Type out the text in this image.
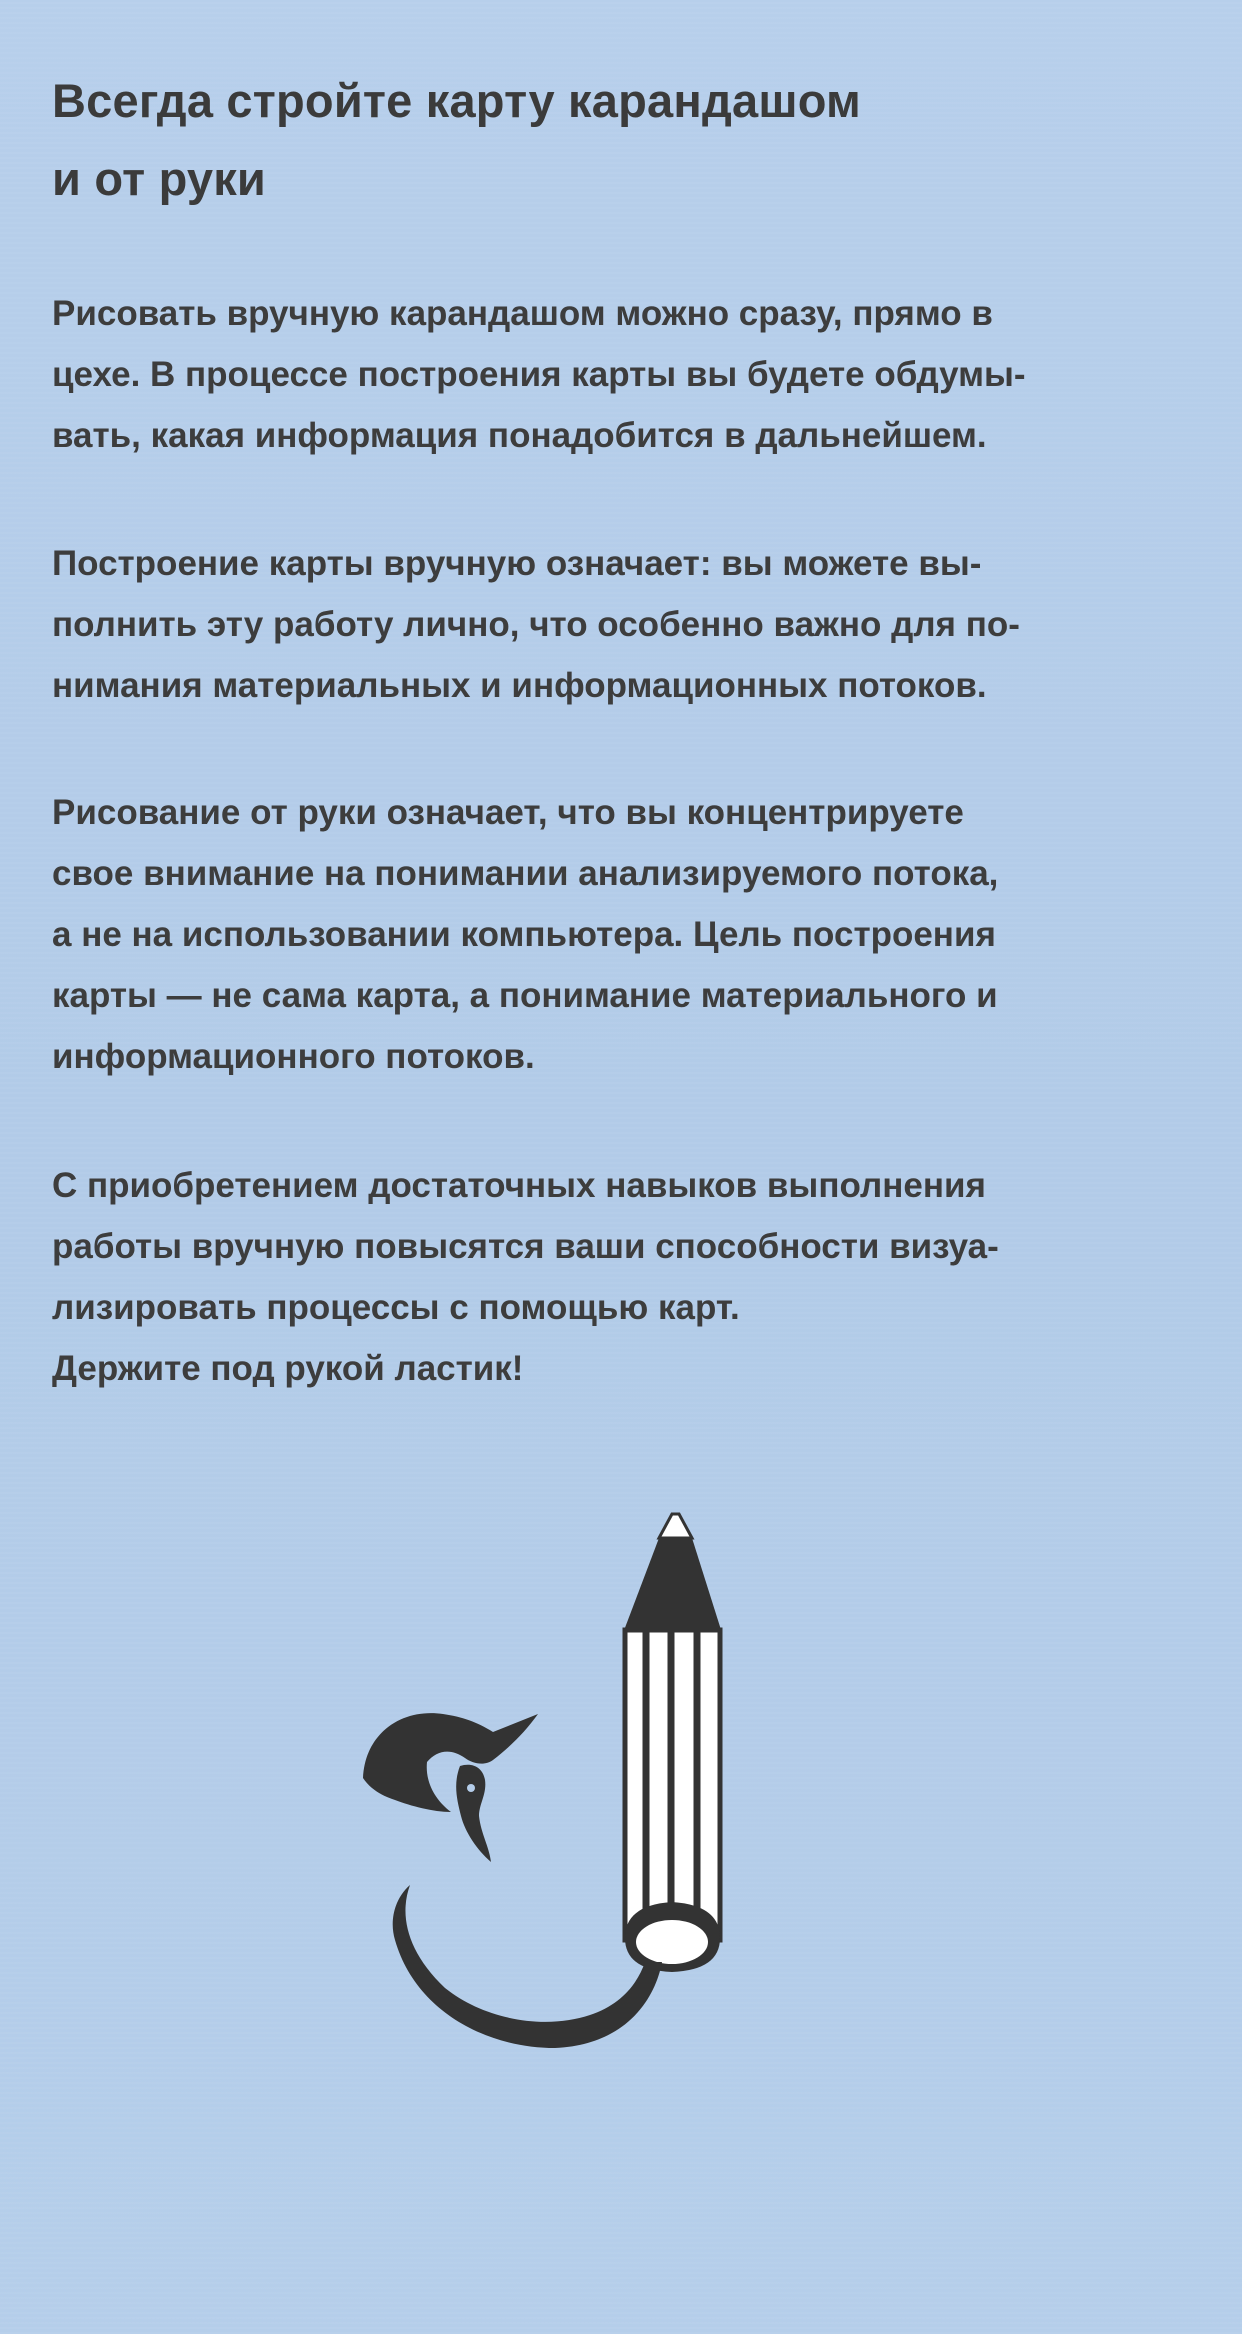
Всегда стройте карту карандашом
и от руки

Рисовать вручную карандашом можно сразу, прямо в
цехе. В процессе построения карты вы будете обдумы-
вать, какая информация понадобится в дальнейшем.

Построение карты вручную означает: вы можете вы-
полнить эту работу лично, что особенно важно для по-
нимания материальных и информационных потоков.

Рисование от руки означает, что вы концентрируете
свое внимание на понимании анализируемого потока,
а не на использовании компьютера. Цель построения
карты — не сама карта, а понимание материального и
информационного потоков.

С приобретением достаточных навыков выполнения
работы вручную повысятся ваши способности визуа-
лизировать процессы с помощью карт.
Держите под рукой ластик!
